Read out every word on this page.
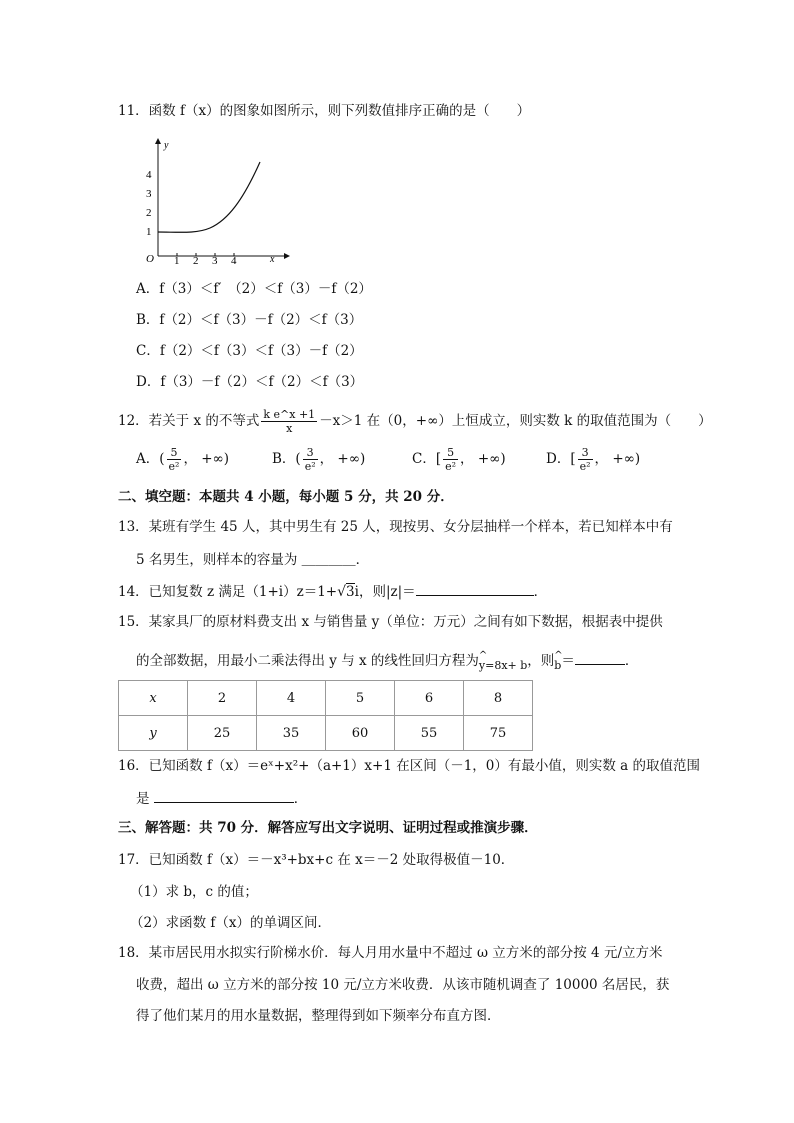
11．函数 f（x）的图象如图所示，则下列数值排序正确的是（　　）
y
x
O
1
2
3
4
1 2 3 4
A．f（3）＜f′　（2）＜f（3）－f（2）
B．f（2）＜f（3）－f（2）＜f（3）
C．f（2）＜f（3）＜f（3）－f（2）
D．f（3）－f（2）＜f（2）＜f（3）
12．若关于 x 的不等式 $\frac{\text{k e\textasciicircum{}x +1}}{x} -x>1$ 在（0，+∞）上恒成立，则实数 k 的取值范围为（　　）
A．( $\frac{5}{\text{e²}}$ ， +∞)	B．( $\frac{3}{\text{e²}}$ ， +∞)	C．[ $\frac{5}{\text{e²}}$ ， +∞)	D．[ $\frac{3}{\text{e²}}$ ， +∞)
二、填空题：本题共 4 小题，每小题 5 分，共 20 分．
13．某班有学生 45 人，其中男生有 25 人，现按男、女分层抽样一个样本，若已知样本中有
5 名男生，则样本的容量为 ＿＿＿＿．
14．已知复数 z 满足（1+i）z＝1+√3i，则|z|＝	．
15．某家具厂的原材料费支出 x 与销售量 y（单位：万元）之间有如下数据，根据表中提供
的全部数据，用最小二乘法得出 y 与 x 的线性回归方程为^ y=8x+ b，则^ b＝	．
x	2	4	5	6	8
y	25	35	60	55	75
16．已知函数 f（x）＝eˣ+x²+（a+1）x+1 在区间（－1，0）有最小值，则实数 a 的取值范围
是	．
三、解答题：共 70 分．解答应写出文字说明、证明过程或推演步骤．
17．已知函数 f（x）＝－x³+bx+c 在 x＝－2 处取得极值－10．
（1）求 b，c 的值；
（2）求函数 f（x）的单调区间．
18．某市居民用水拟实行阶梯水价．每人月用水量中不超过 ω 立方米的部分按 4 元/立方米
收费，超出 ω 立方米的部分按 10 元/立方米收费．从该市随机调查了 10000 名居民，获
得了他们某月的用水量数据，整理得到如下频率分布直方图．
